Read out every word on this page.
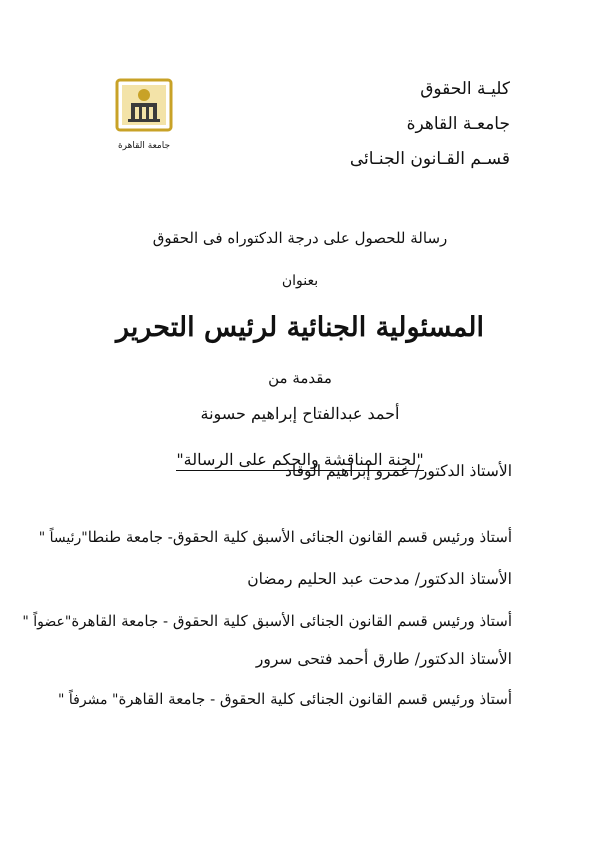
كليـة الحقوق
جامعـة القاهرة
قسـم القـانون الجنـائى
جامعة القاهرة
رسالة للحصول على درجة الدكتوراه فى الحقوق
بعنوان
المسئولية الجنائية لرئيس التحرير
مقدمة من
أحمد عبدالفتاح إبراهيم حسونة
"لجنة المناقشة والحكم على الرسالة"
الأستاذ الدكتور/ عمرو إبراهيم الوقاد
أستاذ ورئيس قسم القانون الجنائى الأسبق كلية الحقوق- جامعة طنطا
"رئيساً "
الأستاذ الدكتور/ مدحت عبد الحليم رمضان
أستاذ ورئيس قسم القانون الجنائى الأسبق كلية الحقوق - جامعة القاهرة
"عضواً "
الأستاذ الدكتور/ طارق أحمد فتحى سرور
أستاذ ورئيس قسم القانون الجنائى كلية الحقوق - جامعة القاهرة
" مشرفاً "
